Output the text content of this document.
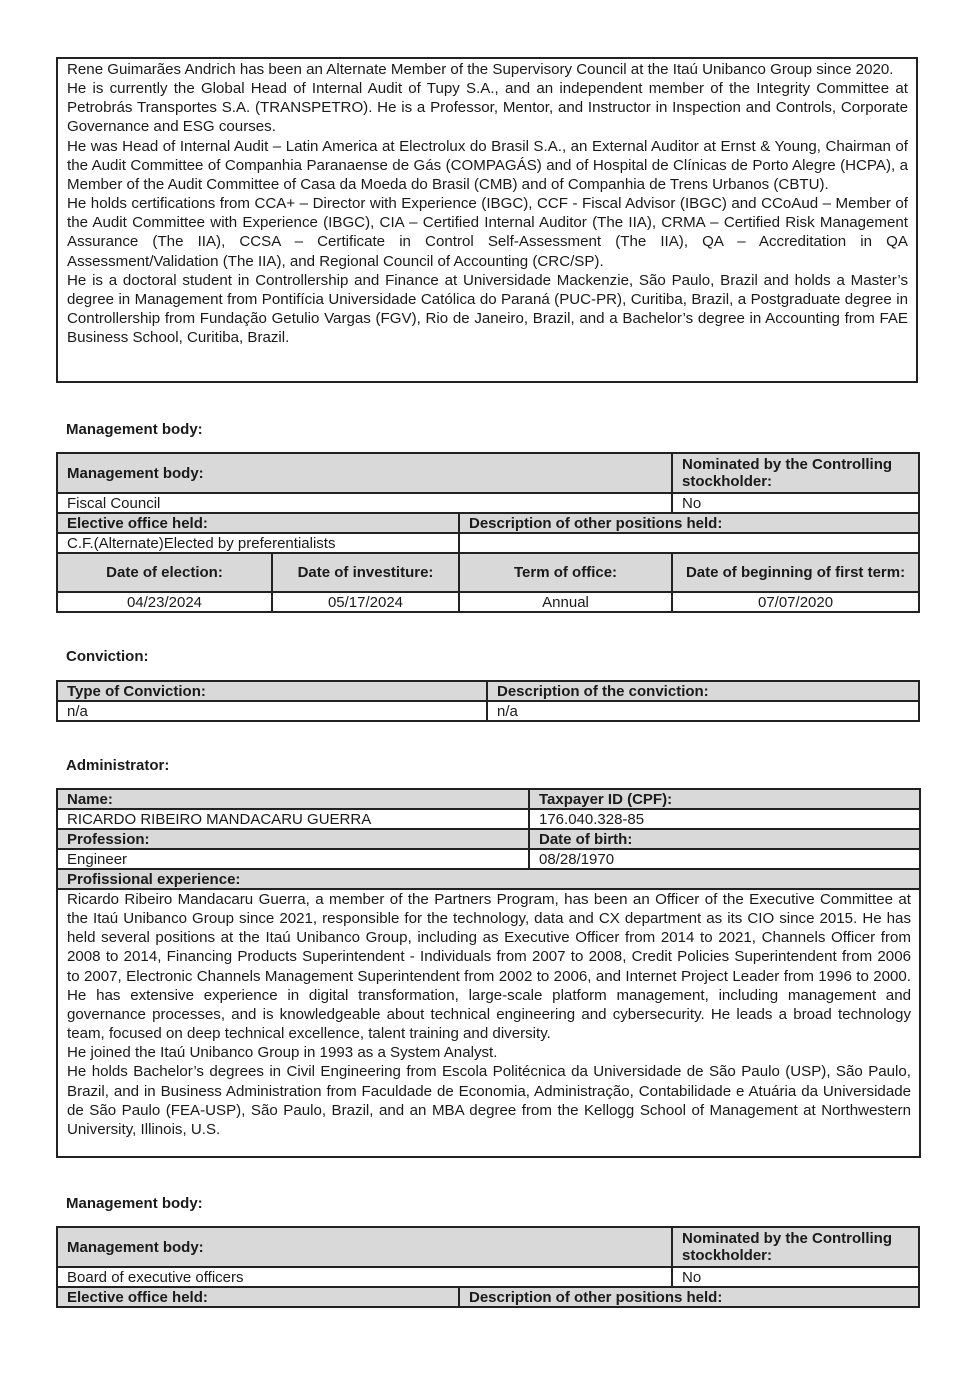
Rene Guimarães Andrich has been an Alternate Member of the Supervisory Council at the Itaú Unibanco Group since 2020.

He is currently the Global Head of Internal Audit of Tupy S.A., and an independent member of the Integrity Committee at Petrobrás Transportes S.A. (TRANSPETRO). He is a Professor, Mentor, and Instructor in Inspection and Controls, Corporate Governance and ESG courses.

He was Head of Internal Audit – Latin America at Electrolux do Brasil S.A., an External Auditor at Ernst & Young, Chairman of the Audit Committee of Companhia Paranaense de Gás (COMPAGÁS) and of Hospital de Clínicas de Porto Alegre (HCPA), a Member of the Audit Committee of Casa da Moeda do Brasil (CMB) and of Companhia de Trens Urbanos (CBTU).

He holds certifications from CCA+ – Director with Experience (IBGC), CCF - Fiscal Advisor (IBGC) and CCoAud – Member of the Audit Committee with Experience (IBGC), CIA – Certified Internal Auditor (The IIA), CRMA – Certified Risk Management Assurance (The IIA), CCSA – Certificate in Control Self-Assessment (The IIA), QA – Accreditation in QA Assessment/Validation (The IIA), and Regional Council of Accounting (CRC/SP).

He is a doctoral student in Controllership and Finance at Universidade Mackenzie, São Paulo, Brazil and holds a Master’s degree in Management from Pontifícia Universidade Católica do Paraná (PUC-PR), Curitiba, Brazil, a Postgraduate degree in Controllership from Fundação Getulio Vargas (FGV), Rio de Janeiro, Brazil, and a Bachelor’s degree in Accounting from FAE Business School, Curitiba, Brazil.

Management body:
Management body:			Nominated by the Controlling stockholder:
Fiscal Council			No
Elective office held:		Description of other positions held:	
C.F.(Alternate)Elected by preferentialists			
Date of election:	Date of investiture:	Term of office:	Date of beginning of first term:
04/23/2024	05/17/2024	Annual	07/07/2020
Conviction:
Type of Conviction:	Description of the conviction:
n/a	n/a
Administrator:
Name:	Taxpayer ID (CPF):
RICARDO RIBEIRO MANDACARU GUERRA	176.040.328-85
Profession:	Date of birth:
Engineer	08/28/1970
Profissional experience:	

Ricardo Ribeiro Mandacaru Guerra, a member of the Partners Program, has been an Officer of the Executive Committee at the Itaú Unibanco Group since 2021, responsible for the technology, data and CX department as its CIO since 2015. He has held several positions at the Itaú Unibanco Group, including as Executive Officer from 2014 to 2021, Channels Officer from 2008 to 2014, Financing Products Superintendent - Individuals from 2007 to 2008, Credit Policies Superintendent from 2006 to 2007, Electronic Channels Management Superintendent from 2002 to 2006, and Internet Project Leader from 1996 to 2000. He has extensive experience in digital transformation, large-scale platform management, including management and governance processes, and is knowledgeable about technical engineering and cybersecurity. He leads a broad technology team, focused on deep technical excellence, talent training and diversity.

He joined the Itaú Unibanco Group in 1993 as a System Analyst.

He holds Bachelor’s degrees in Civil Engineering from Escola Politécnica da Universidade de São Paulo (USP), São Paulo, Brazil, and in Business Administration from Faculdade de Economia, Administração, Contabilidade e Atuária da Universidade de São Paulo (FEA-USP), São Paulo, Brazil, and an MBA degree from the Kellogg School of Management at Northwestern University, Illinois, U.S.	

Management body:
Management body:		Nominated by the Controlling stockholder:
Board of executive officers		No
Elective office held:	Description of other positions held:	
